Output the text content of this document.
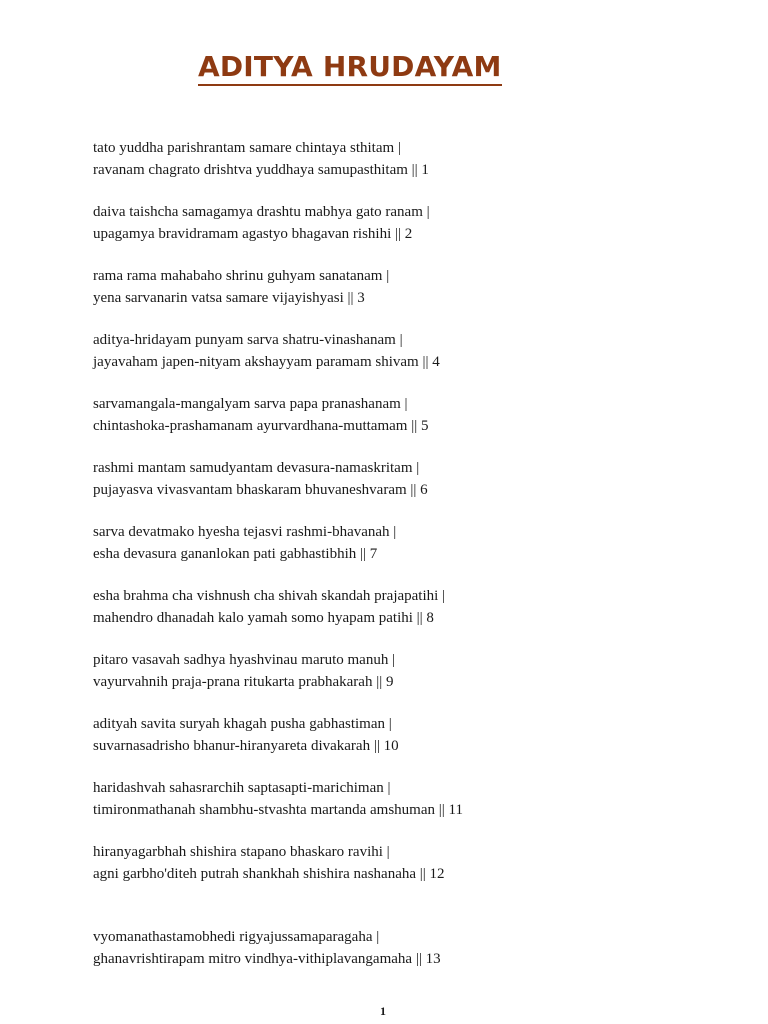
ADITYA HRUDAYAM

tato yuddha parishrantam samare chintaya sthitam |
ravanam chagrato drishtva yuddhaya samupasthitam || 1

daiva taishcha samagamya drashtu mabhya gato ranam |
upagamya bravidramam agastyo bhagavan rishihi || 2

rama rama mahabaho shrinu guhyam sanatanam |
yena sarvanarin vatsa samare vijayishyasi || 3

aditya-hridayam punyam sarva shatru-vinashanam |
jayavaham japen-nityam akshayyam paramam shivam || 4

sarvamangala-mangalyam sarva papa pranashanam |
chintashoka-prashamanam ayurvardhana-muttamam || 5

rashmi mantam samudyantam devasura-namaskritam |
pujayasva vivasvantam bhaskaram bhuvaneshvaram || 6

sarva devatmako hyesha tejasvi rashmi-bhavanah |
esha devasura gananlokan pati gabhastibhih || 7

esha brahma cha vishnush cha shivah skandah prajapatihi |
mahendro dhanadah kalo yamah somo hyapam patihi || 8

pitaro vasavah sadhya hyashvinau maruto manuh |
vayurvahnih praja-prana ritukarta prabhakarah || 9

adityah savita suryah khagah pusha gabhastiman |
suvarnasadrisho bhanur-hiranyareta divakarah || 10

haridashvah sahasrarchih saptasapti-marichiman |
timironmathanah shambhu-stvashta martanda amshuman || 11

hiranyagarbhah shishira stapano bhaskaro ravihi |
agni garbho'diteh putrah shankhah shishira nashanaha || 12

vyomanathastamobhedi rigyajussamaparagaha |
ghanavrishtirapam mitro vindhya-vithiplavangamaha || 13

1
